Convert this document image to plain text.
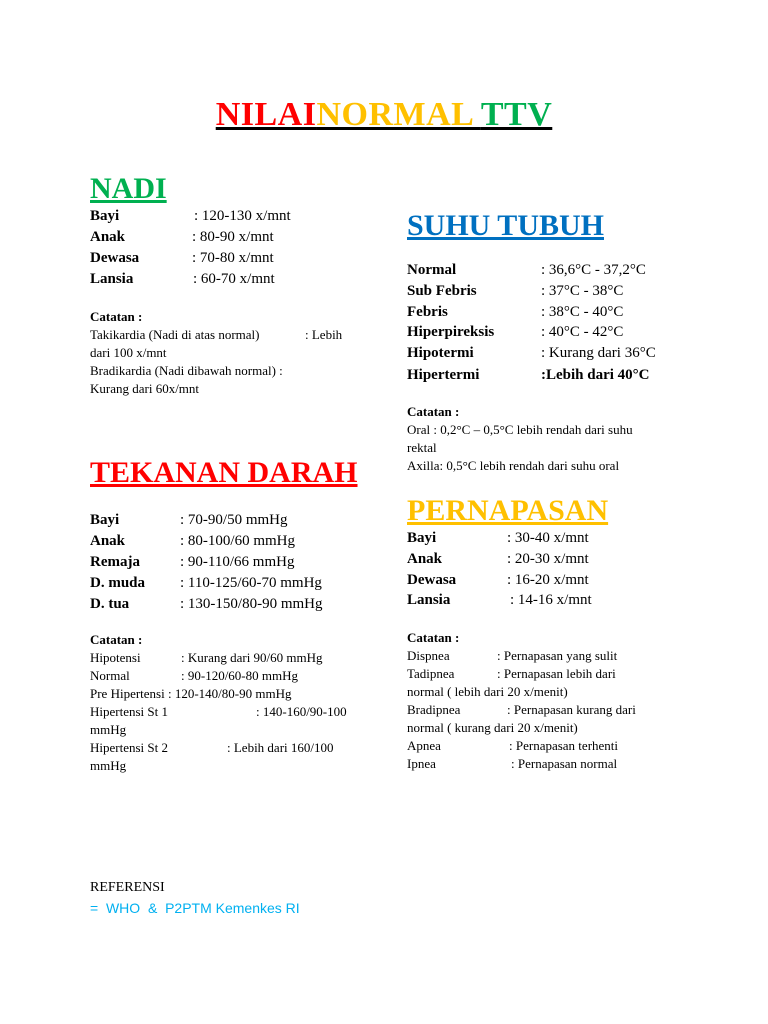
NILAINORMAL TTV
NADI
Bayi	: 120-130 x/mnt
Anak	: 80-90 x/mnt
Dewasa	: 70-80 x/mnt
Lansia	: 60-70 x/mnt
Catatan :
Takikardia (Nadi di atas normal)	: Lebih
dari 100 x/mnt
Bradikardia (Nadi dibawah normal) :
Kurang dari 60x/mnt
SUHU TUBUH
Normal	: 36,6°C - 37,2°C
Sub Febris	: 37°C - 38°C
Febris	: 38°C - 40°C
Hiperpireksis	: 40°C - 42°C
Hipotermi	: Kurang dari 36°C
Hipertermi	:Lebih dari 40°C
Catatan :
Oral : 0,2°C – 0,5°C lebih rendah dari suhu
rektal
Axilla: 0,5°C lebih rendah dari suhu oral
TEKANAN DARAH
Bayi	: 70-90/50 mmHg
Anak	: 80-100/60 mmHg
Remaja	: 90-110/66 mmHg
D. muda : 110-125/60-70 mmHg
D. tua	: 130-150/80-90 mmHg
Catatan :
Hipotensi	: Kurang dari 90/60 mmHg
Normal	: 90-120/60-80 mmHg
Pre Hipertensi : 120-140/80-90 mmHg
Hipertensi St 1	: 140-160/90-100
mmHg
Hipertensi St 2	: Lebih dari 160/100
mmHg
PERNAPASAN
Bayi	: 30-40 x/mnt
Anak	: 20-30 x/mnt
Dewasa	: 16-20 x/mnt
Lansia	: 14-16 x/mnt
Catatan :
Dispnea	: Pernapasan yang sulit
Tadipnea	: Pernapasan lebih dari
normal ( lebih dari 20 x/menit)
Bradipnea	: Pernapasan kurang dari
normal ( kurang dari 20 x/menit)
Apnea	: Pernapasan terhenti
Ipnea	: Pernapasan normal
REFERENSI
=  WHO  &  P2PTM Kemenkes RI
